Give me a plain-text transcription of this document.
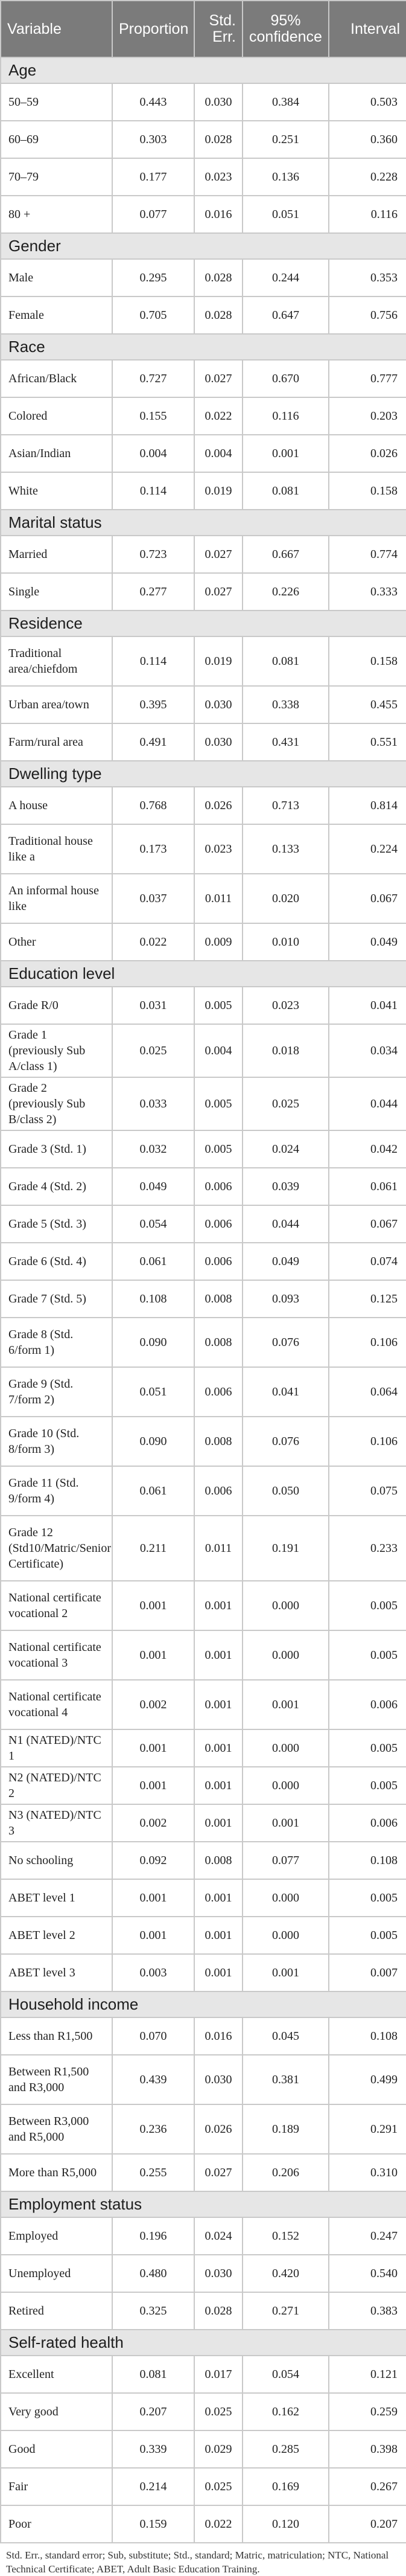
Variable	Proportion	Std. Err.	95% confidence	Interval
Age				
50–59	0.443	0.030	0.384	0.503
60–69	0.303	0.028	0.251	0.360
70–79	0.177	0.023	0.136	0.228
80 +	0.077	0.016	0.051	0.116
Gender				
Male	0.295	0.028	0.244	0.353
Female	0.705	0.028	0.647	0.756
Race				
African/Black	0.727	0.027	0.670	0.777
Colored	0.155	0.022	0.116	0.203
Asian/Indian	0.004	0.004	0.001	0.026
White	0.114	0.019	0.081	0.158
Marital status				
Married	0.723	0.027	0.667	0.774
Single	0.277	0.027	0.226	0.333
Residence				
Traditional area/chiefdom	0.114	0.019	0.081	0.158
Urban area/town	0.395	0.030	0.338	0.455
Farm/rural area	0.491	0.030	0.431	0.551
Dwelling type				
A house	0.768	0.026	0.713	0.814
Traditional house like a	0.173	0.023	0.133	0.224
An informal house like	0.037	0.011	0.020	0.067
Other	0.022	0.009	0.010	0.049
Education level				
Grade R/0	0.031	0.005	0.023	0.041
Grade 1 (previously Sub A/class 1)	0.025	0.004	0.018	0.034
Grade 2 (previously Sub B/class 2)	0.033	0.005	0.025	0.044
Grade 3 (Std. 1)	0.032	0.005	0.024	0.042
Grade 4 (Std. 2)	0.049	0.006	0.039	0.061
Grade 5 (Std. 3)	0.054	0.006	0.044	0.067
Grade 6 (Std. 4)	0.061	0.006	0.049	0.074
Grade 7 (Std. 5)	0.108	0.008	0.093	0.125
Grade 8 (Std. 6/form 1)	0.090	0.008	0.076	0.106
Grade 9 (Std. 7/form 2)	0.051	0.006	0.041	0.064
Grade 10 (Std. 8/form 3)	0.090	0.008	0.076	0.106
Grade 11 (Std. 9/form 4)	0.061	0.006	0.050	0.075
Grade 12 (Std10/Matric/Senior Certificate)	0.211	0.011	0.191	0.233
National certificate vocational 2	0.001	0.001	0.000	0.005
National certificate vocational 3	0.001	0.001	0.000	0.005
National certificate vocational 4	0.002	0.001	0.001	0.006
N1 (NATED)/NTC 1	0.001	0.001	0.000	0.005
N2 (NATED)/NTC 2	0.001	0.001	0.000	0.005
N3 (NATED)/NTC 3	0.002	0.001	0.001	0.006
No schooling	0.092	0.008	0.077	0.108
ABET level 1	0.001	0.001	0.000	0.005
ABET level 2	0.001	0.001	0.000	0.005
ABET level 3	0.003	0.001	0.001	0.007
Household income				
Less than R1,500	0.070	0.016	0.045	0.108
Between R1,500 and R3,000	0.439	0.030	0.381	0.499
Between R3,000 and R5,000	0.236	0.026	0.189	0.291
More than R5,000	0.255	0.027	0.206	0.310
Employment status				
Employed	0.196	0.024	0.152	0.247
Unemployed	0.480	0.030	0.420	0.540
Retired	0.325	0.028	0.271	0.383
Self-rated health				
Excellent	0.081	0.017	0.054	0.121
Very good	0.207	0.025	0.162	0.259
Good	0.339	0.029	0.285	0.398
Fair	0.214	0.025	0.169	0.267
Poor	0.159	0.022	0.120	0.207
Std. Err., standard error; Sub, substitute; Std., standard; Matric, matriculation; NTC, National Technical Certificate; ABET, Adult Basic Education Training.
